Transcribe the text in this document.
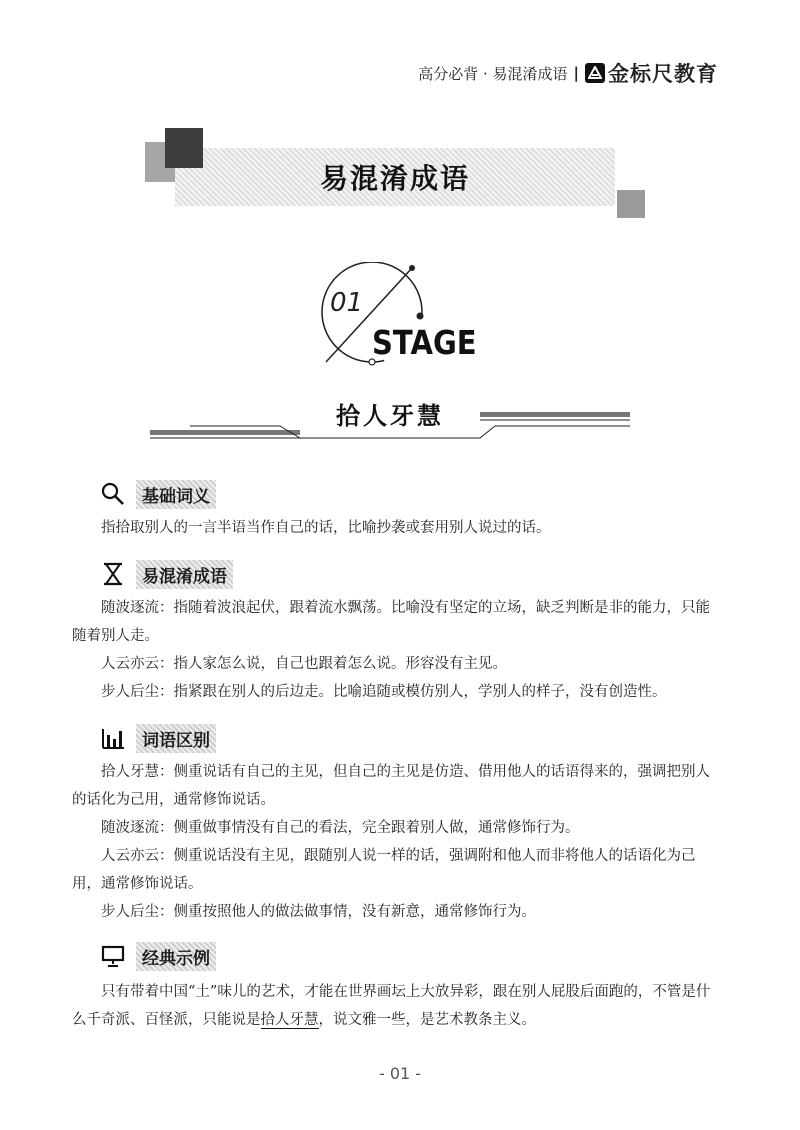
高分必背 · 易混淆成语 | 金标尺教育
易混淆成语
01
STAGE
拾人牙慧
基础词义
指拾取别人的一言半语当作自己的话，比喻抄袭或套用别人说过的话。
易混淆成语
随波逐流：指随着波浪起伏，跟着流水飘荡。比喻没有坚定的立场，缺乏判断是非的能力，只能随着别人走。
人云亦云：指人家怎么说，自己也跟着怎么说。形容没有主见。
步人后尘：指紧跟在别人的后边走。比喻追随或模仿别人，学别人的样子，没有创造性。
词语区别
拾人牙慧：侧重说话有自己的主见，但自己的主见是仿造、借用他人的话语得来的，强调把别人的话化为己用，通常修饰说话。
随波逐流：侧重做事情没有自己的看法，完全跟着别人做，通常修饰行为。
人云亦云：侧重说话没有主见，跟随别人说一样的话，强调附和他人而非将他人的话语化为己用，通常修饰说话。
步人后尘：侧重按照他人的做法做事情，没有新意，通常修饰行为。
经典示例
只有带着中国“土”味儿的艺术，才能在世界画坛上大放异彩，跟在别人屁股后面跑的，不管是什么千奇派、百怪派，只能说是拾人牙慧，说文雅一些，是艺术教条主义。
- 01 -
